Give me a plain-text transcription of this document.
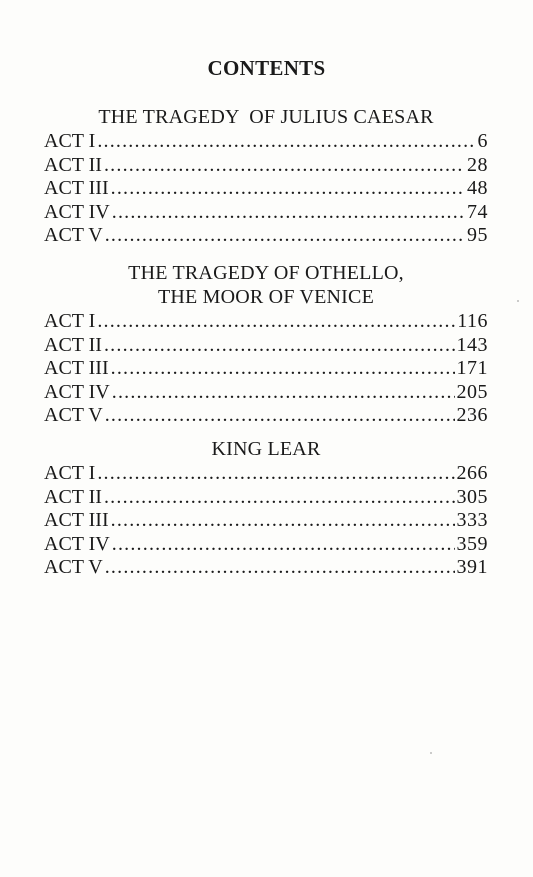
CONTENTS
THE TRAGEDY  OF JULIUS CAESAR
ACT I .....	6
ACT II .....	28
ACT III .....	48
ACT IV .....	74
ACT V .....	95
THE TRAGEDY OF OTHELLO,
THE MOOR OF VENICE
ACT I .....	116
ACT II .....	143
ACT III .....	171
ACT IV .....	205
ACT V .....	236
KING LEAR
ACT I .....	266
ACT II .....	305
ACT III .....	333
ACT IV .....	359
ACT V .....	391
